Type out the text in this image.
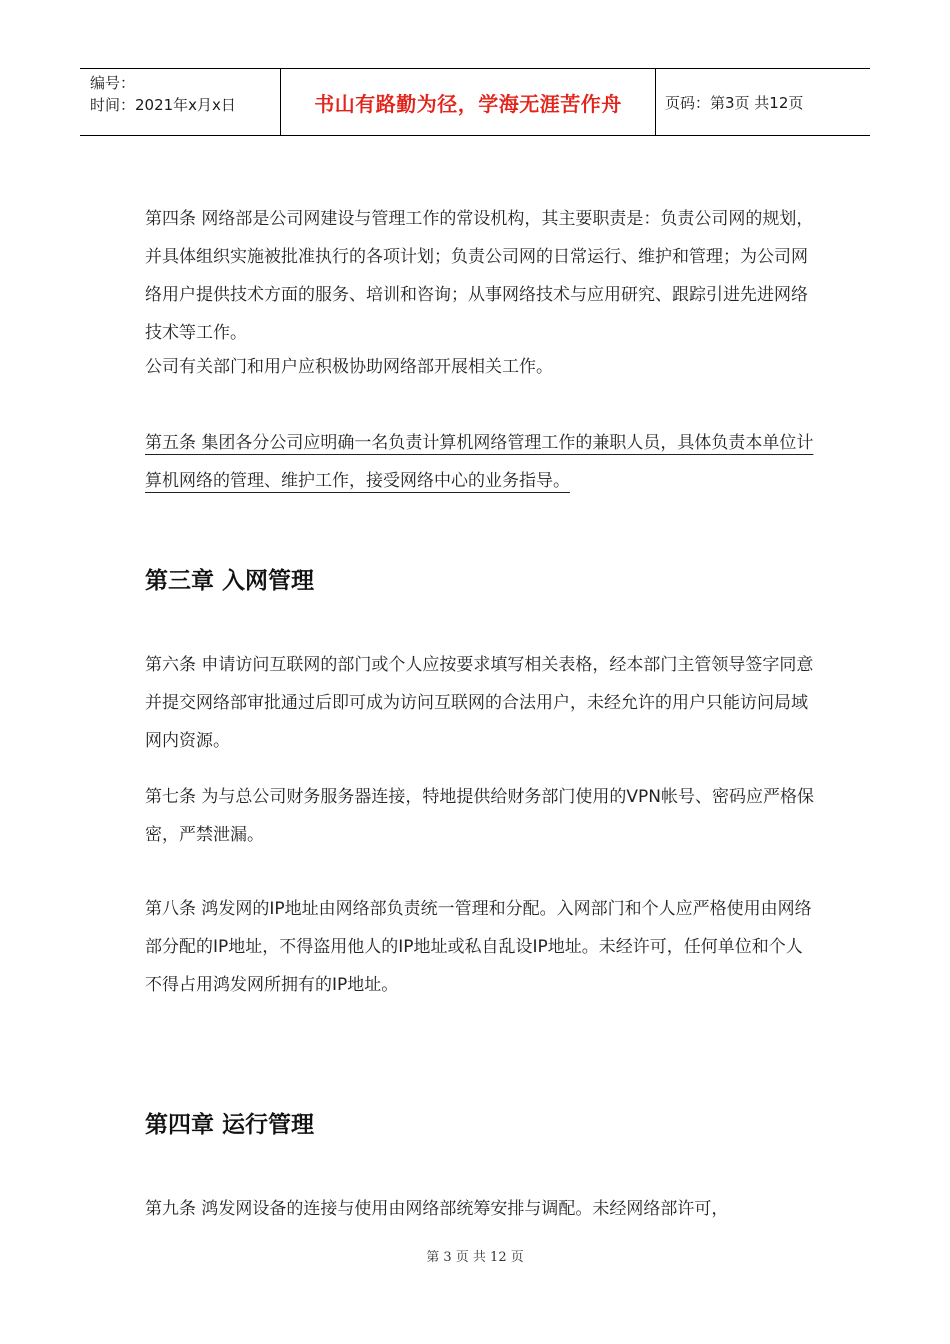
编号：
时间：2021年x月x日	书山有路勤为径，学海无涯苦作舟	页码：第3页 共12页

第四条 网络部是公司网建设与管理工作的常设机构，其主要职责是：负责公司网的规划，并具体组织实施被批准执行的各项计划；负责公司网的日常运行、维护和管理；为公司网络用户提供技术方面的服务、培训和咨询；从事网络技术与应用研究、跟踪引进先进网络技术等工作。

公司有关部门和用户应积极协助网络部开展相关工作。

第五条 集团各分公司应明确一名负责计算机网络管理工作的兼职人员，具体负责本单位计算机网络的管理、维护工作，接受网络中心的业务指导。

第三章 入网管理

第六条 申请访问互联网的部门或个人应按要求填写相关表格，经本部门主管领导签字同意并提交网络部审批通过后即可成为访问互联网的合法用户，未经允许的用户只能访问局域网内资源。

第七条 为与总公司财务服务器连接，特地提供给财务部门使用的VPN帐号、密码应严格保密，严禁泄漏。

第八条 鸿发网的IP地址由网络部负责统一管理和分配。入网部门和个人应严格使用由网络部分配的IP地址，不得盗用他人的IP地址或私自乱设IP地址。未经许可，任何单位和个人不得占用鸿发网所拥有的IP地址。

第四章 运行管理

第九条 鸿发网设备的连接与使用由网络部统筹安排与调配。未经网络部许可，

第 3 页 共 12 页
